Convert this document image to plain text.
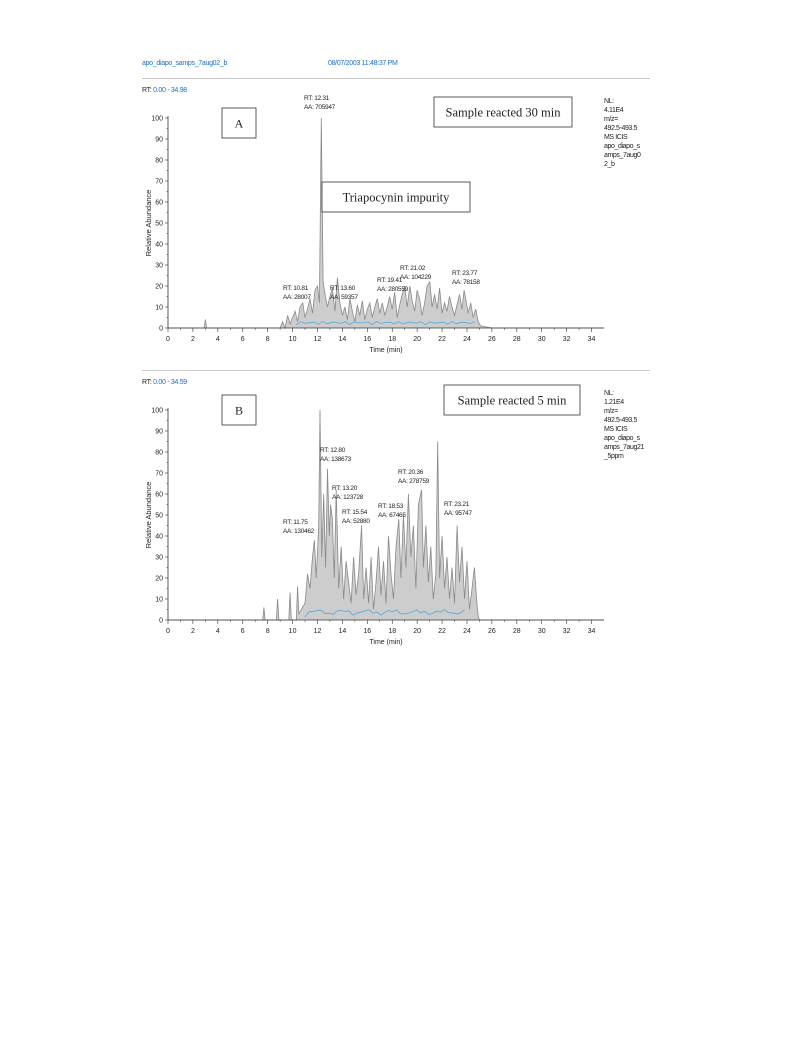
apo_diapo_samps_7aug02_b	08/07/2003 11:48:37 PM
RT: 0.00 - 34.98
0
10
20
30
40
50
60
70
80
90
100
0	2	4	6	8	10 12 14 16 18 20 22 24 26 28 30 32 34
Time (min)
Relative Abundance
A
Sample reacted 30 min
Triapocynin impurity
RT: 10.81
AA: 28007
RT: 12.31
AA: 705947
RT: 13.60
AA: 59357
RT: 19.41
AA: 280559
RT: 21.02
AA: 104229
RT: 23.77
AA: 78158
NL:
4.11E4
m/z=
492.5-493.5
MS ICIS
apo_diapo_s
amps_7aug0
2_b
RT: 0.00 - 34.59
0
10
20
30
40
50
60
70
80
90
100
0	2	4	6	8	10 12 14 16 18 20 22 24 26 28 30 32 34
Time (min)
Relative Abundance
B
Sample reacted 5 min
RT: 11.75
AA: 130462
RT: 12.80
AA: 138673
RT: 13.20
AA: 123728
RT: 15.54
AA: 52880
RT: 18.53
AA: 67465
RT: 20.36
AA: 278759
RT: 23.21
AA: 95747
NL:
1.21E4
m/z=
492.5-493.5
MS ICIS
apo_diapo_s
amps_7aug21
_5ppm
